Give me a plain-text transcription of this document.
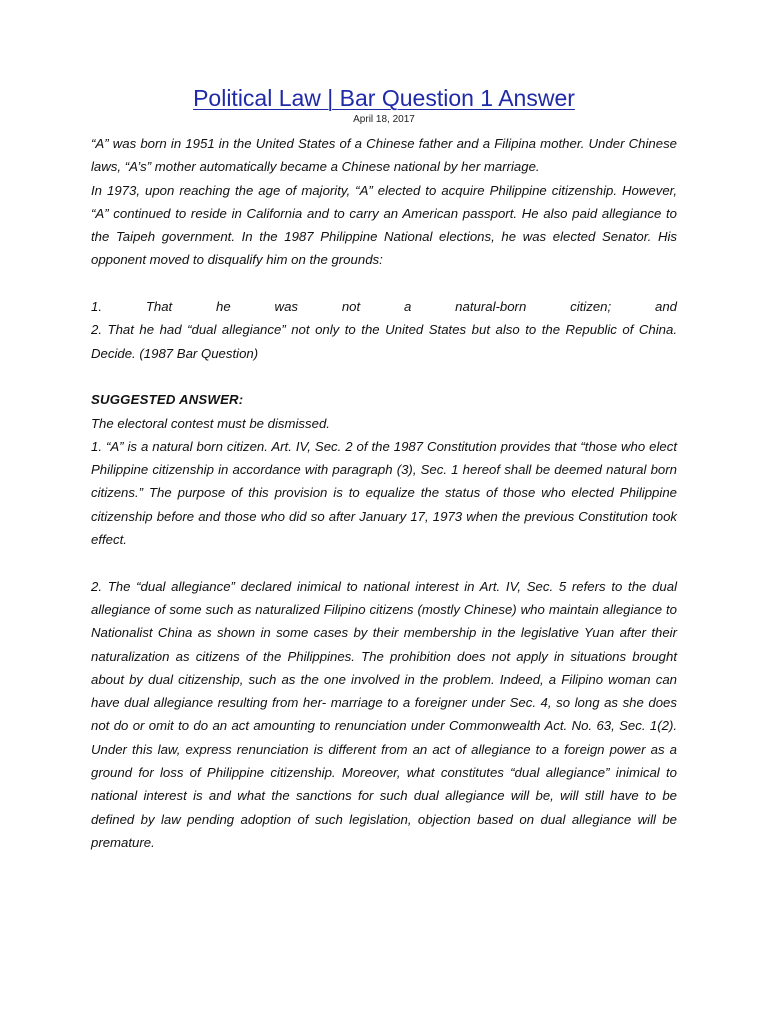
Political Law | Bar Question 1 Answer
April 18, 2017

“A” was born in 1951 in the United States of a Chinese father and a Filipina mother. Under Chinese laws, “A’s” mother automatically became a Chinese national by her marriage.

In 1973, upon reaching the age of majority, “A” elected to acquire Philippine citizenship. However, “A” continued to reside in California and to carry an American passport. He also paid allegiance to the Taipeh government. In the 1987 Philippine National elections, he was elected Senator. His opponent moved to disqualify him on the grounds:

1. That he was not a natural-born citizen; and

2. That he had “dual allegiance” not only to the United States but also to the Republic of China. Decide. (1987 Bar Question)

SUGGESTED ANSWER:

The electoral contest must be dismissed.

1. “A” is a natural born citizen. Art. IV, Sec. 2 of the 1987 Constitution provides that “those who elect Philippine citizenship in accordance with paragraph (3), Sec. 1 hereof shall be deemed natural born citizens.” The purpose of this provision is to equalize the status of those who elected Philippine citizenship before and those who did so after January 17, 1973 when the previous Constitution took effect.

2. The “dual allegiance” declared inimical to national interest in Art. IV, Sec. 5 refers to the dual allegiance of some such as naturalized Filipino citizens (mostly Chinese) who maintain allegiance to Nationalist China as shown in some cases by their membership in the legislative Yuan after their naturalization as citizens of the Philippines. The prohibition does not apply in situations brought about by dual citizenship, such as the one involved in the problem. Indeed, a Filipino woman can have dual allegiance resulting from her- marriage to a foreigner under Sec. 4, so long as she does not do or omit to do an act amounting to renunciation under Commonwealth Act. No. 63, Sec. 1(2). Under this law, express renunciation is different from an act of allegiance to a foreign power as a ground for loss of Philippine citizenship. Moreover, what constitutes “dual allegiance” inimical to national interest is and what the sanctions for such dual allegiance will be, will still have to be defined by law pending adoption of such legislation, objection based on dual allegiance will be premature.
